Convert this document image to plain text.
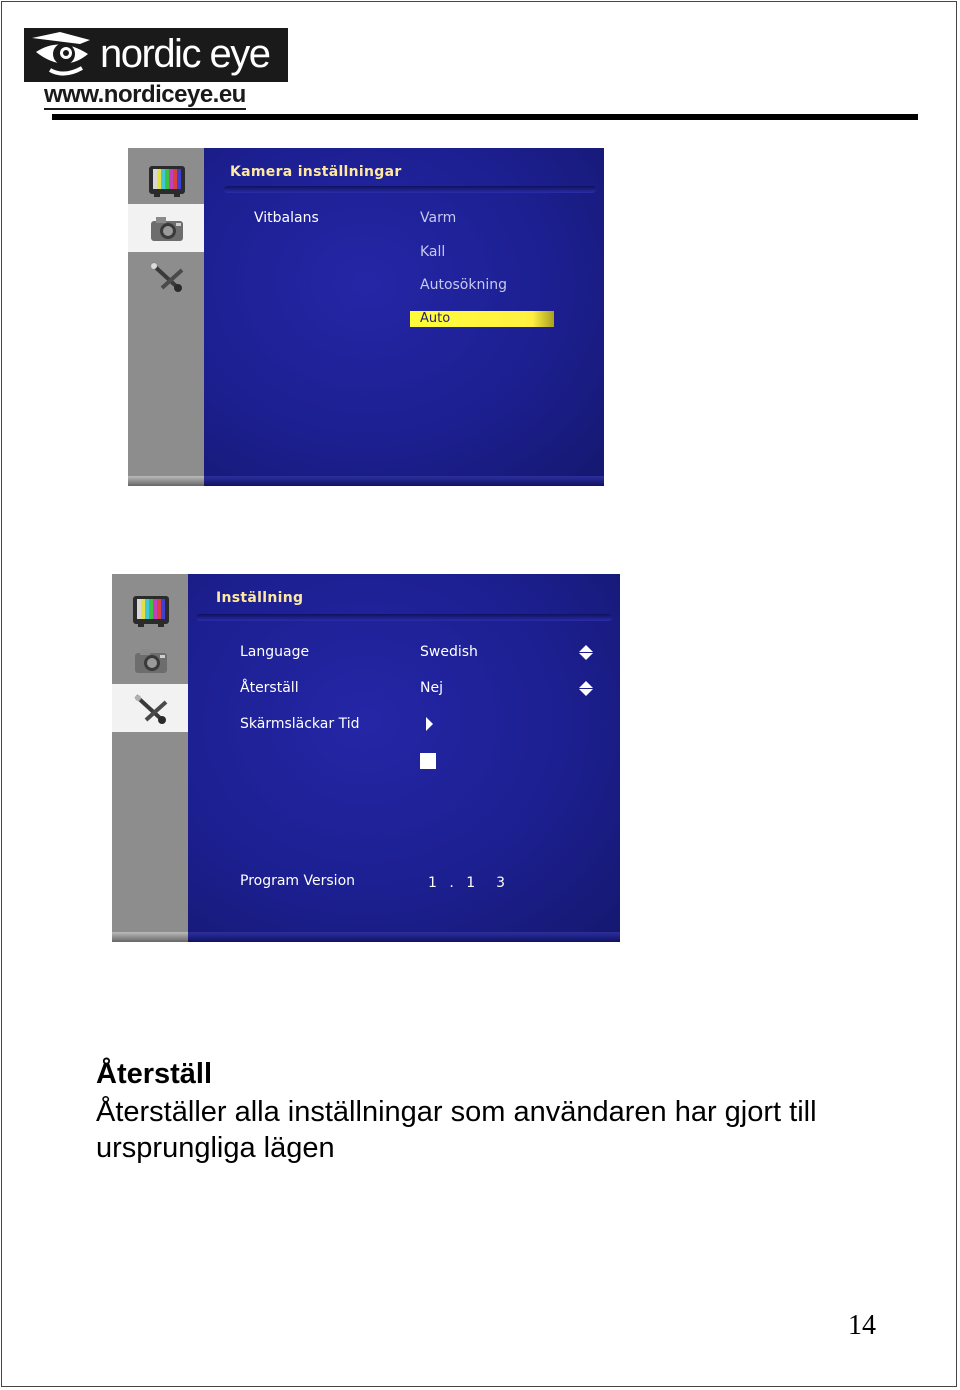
nordic eye
www.nordiceye.eu
Kamera inställningar
Vitbalans	Varm
Kall
Autosökning
Auto
Inställning
Language	Swedish
Återställ	Nej
Skärmsläckar Tid
Program Version	1 . 1  3
Återställ
Återställer alla inställningar som användaren har gjort till ursprungliga lägen
14
